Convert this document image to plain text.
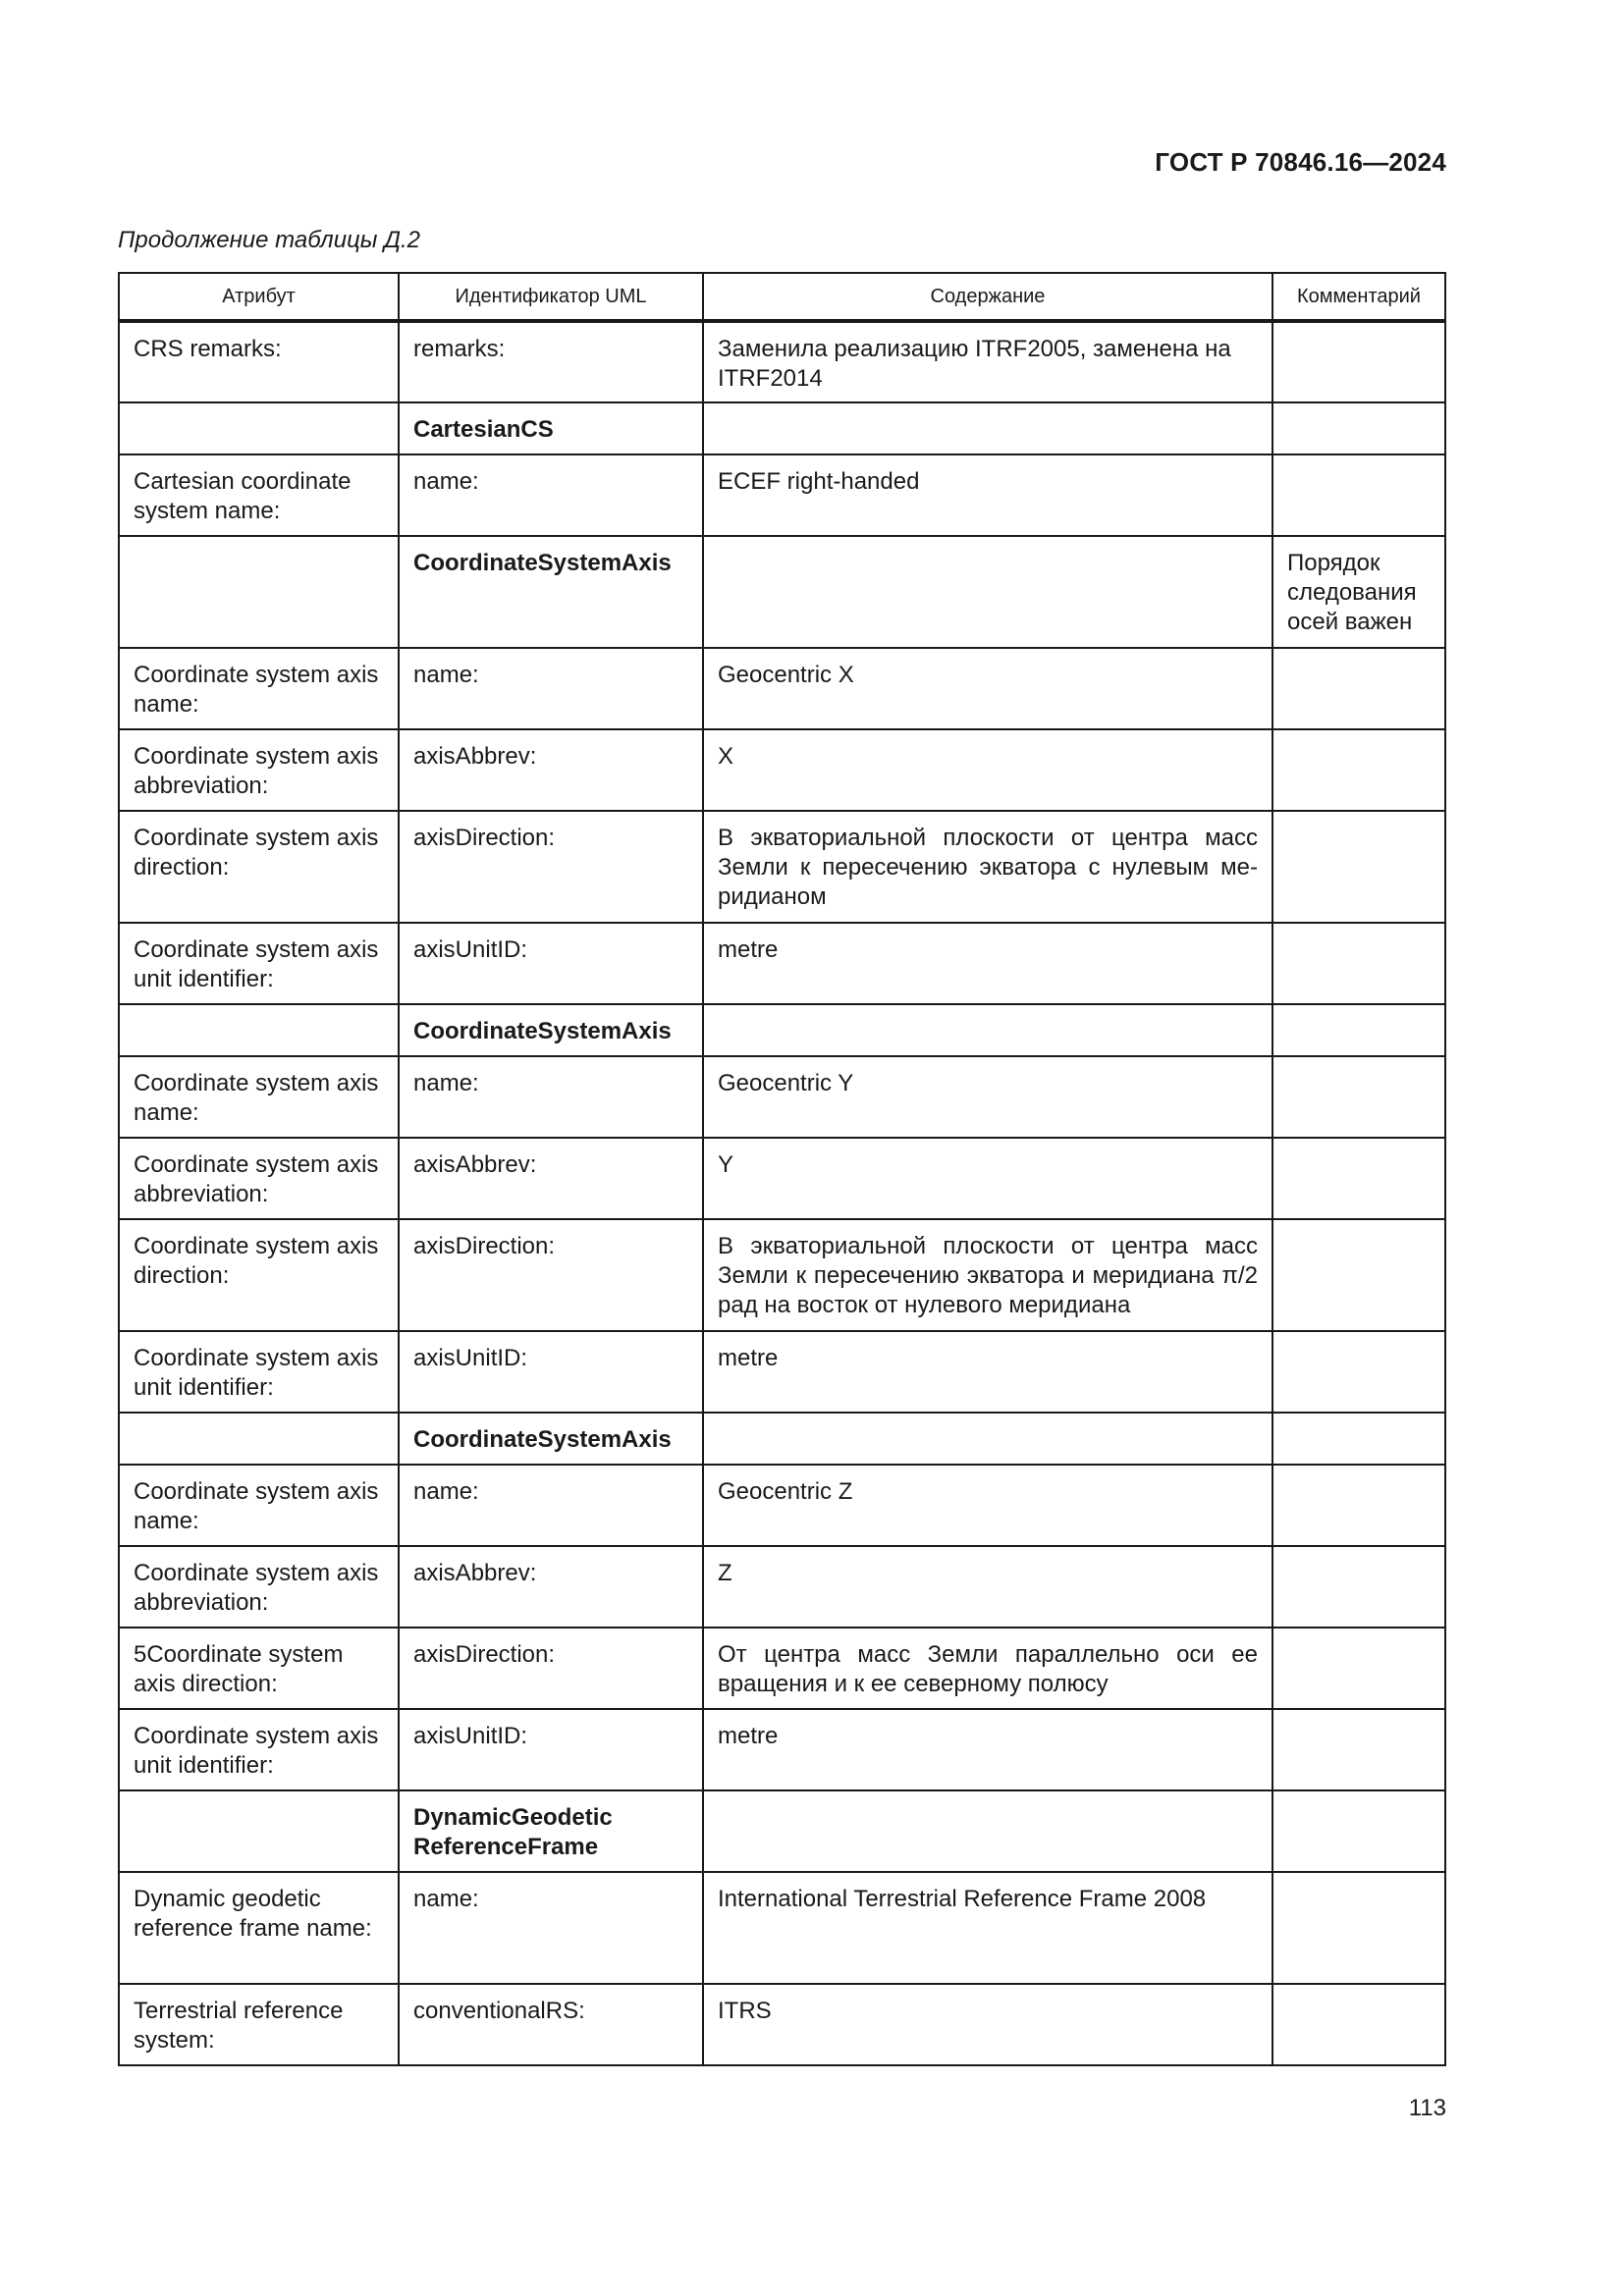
ГОСТ Р 70846.16—2024
Продолжение таблицы Д.2
Атрибут	Идентификатор UML	Содержание	Комментарий
CRS remarks:	remarks:	Заменила реализацию ITRF2005, заменена на ITRF2014	
	CartesianCS		
Cartesian coordinate system name:	name:	ECEF right-handed	
	CoordinateSystemAxis		Порядок следования осей важен
Coordinate system axis name:	name:	Geocentric X	
Coordinate system axis abbreviation:	axisAbbrev:	X	
Coordinate system axis direction:	axisDirection:	В экваториальной плоскости от центра масс Земли к пересечению экватора с нулевым ме-ридианом	
Coordinate system axis unit identifier:	axisUnitID:	metre	
	CoordinateSystemAxis		
Coordinate system axis name:	name:	Geocentric Y	
Coordinate system axis abbreviation:	axisAbbrev:	Y	
Coordinate system axis direction:	axisDirection:	В экваториальной плоскости от центра масс Земли к пересечению экватора и меридиана π/2 рад на восток от нулевого меридиана	
Coordinate system axis unit identifier:	axisUnitID:	metre	
	CoordinateSystemAxis		
Coordinate system axis name:	name:	Geocentric Z	
Coordinate system axis abbreviation:	axisAbbrev:	Z	
5Coordinate system axis direction:	axisDirection:	От центра масс Земли параллельно оси ее вращения и к ее северному полюсу	
Coordinate system axis unit identifier:	axisUnitID:	metre	
	DynamicGeodetic ReferenceFrame		
Dynamic geodetic reference frame name:	name:	International Terrestrial Reference Frame 2008	
Terrestrial reference system:	conventionalRS:	ITRS	
113
